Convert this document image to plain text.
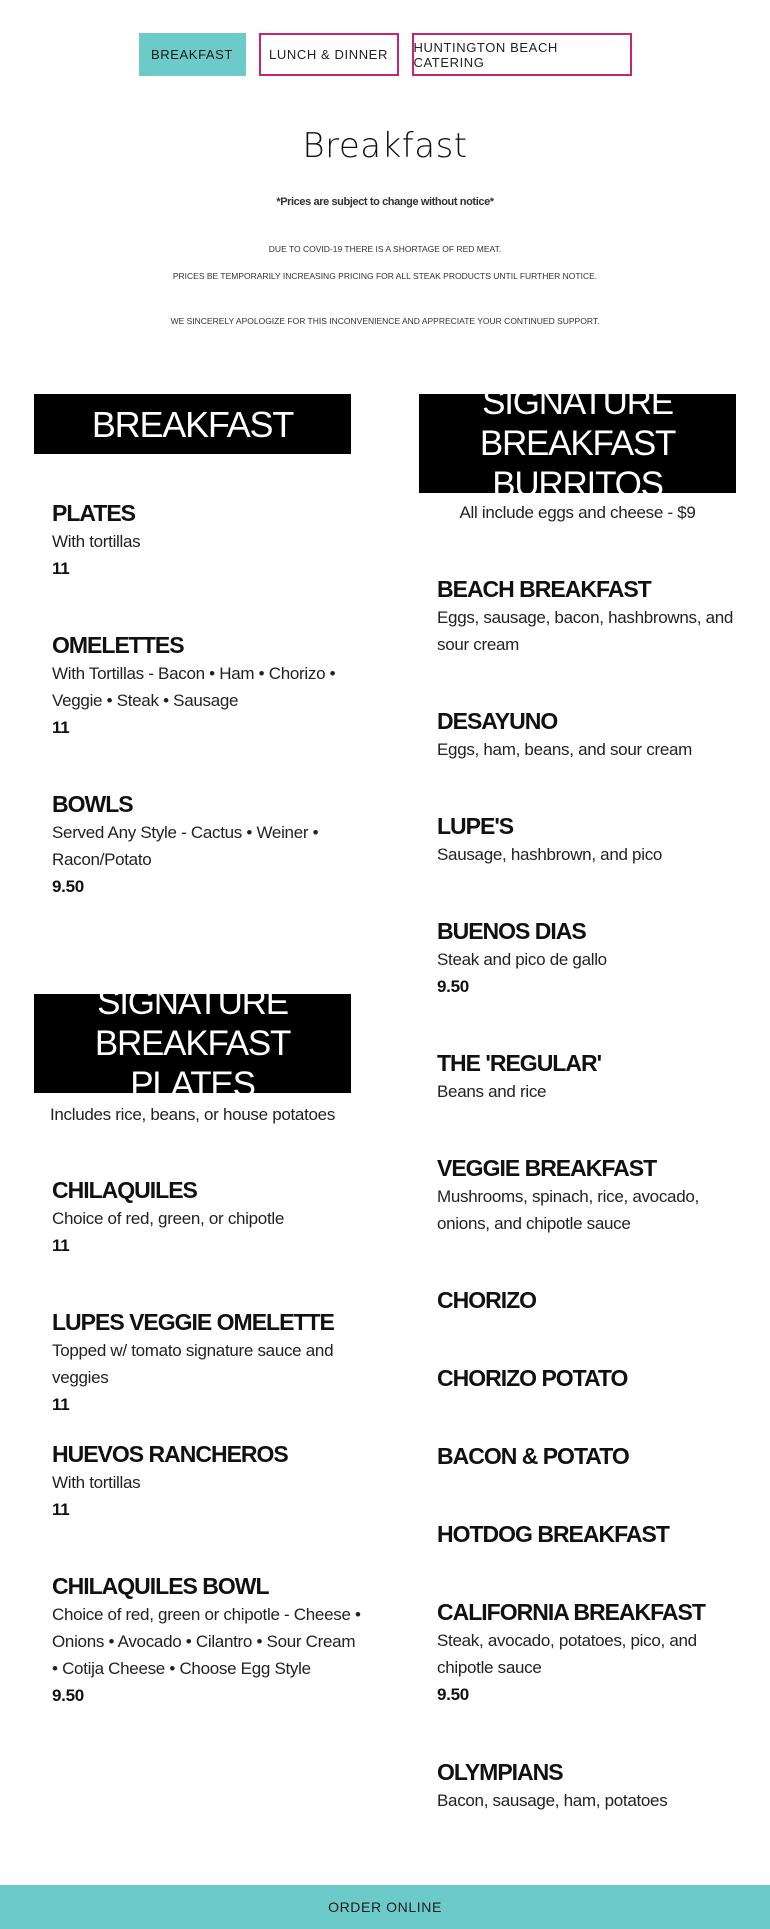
BREAKFAST	LUNCH & DINNER	HUNTINGTON BEACH CATERING
Breakfast
*Prices are subject to change without notice*
DUE TO COVID-19 THERE IS A SHORTAGE OF RED MEAT.
PRICES BE TEMPORARILY INCREASING PRICING FOR ALL STEAK PRODUCTS UNTIL FURTHER NOTICE.
WE SINCERELY APOLOGIZE FOR THIS INCONVENIENCE AND APPRECIATE YOUR CONTINUED SUPPORT.
BREAKFAST
PLATES
With tortillas
11
OMELETTES
With Tortillas - Bacon • Ham • Chorizo • Veggie • Steak • Sausage
11
BOWLS
Served Any Style - Cactus • Weiner • Racon/Potato
9.50
SIGNATURE BREAKFAST PLATES
Includes rice, beans, or house potatoes
CHILAQUILES
Choice of red, green, or chipotle
11
LUPES VEGGIE OMELETTE
Topped w/ tomato signature sauce and veggies
11
HUEVOS RANCHEROS
With tortillas
11
CHILAQUILES BOWL
Choice of red, green or chipotle - Cheese • Onions • Avocado • Cilantro • Sour Cream • Cotija Cheese • Choose Egg Style
9.50
SIGNATURE BREAKFAST BURRITOS
All include eggs and cheese - $9
BEACH BREAKFAST
Eggs, sausage, bacon, hashbrowns, and sour cream
DESAYUNO
Eggs, ham, beans, and sour cream
LUPE'S
Sausage, hashbrown, and pico
BUENOS DIAS
Steak and pico de gallo
9.50
THE 'REGULAR'
Beans and rice
VEGGIE BREAKFAST
Mushrooms, spinach, rice, avocado, onions, and chipotle sauce
CHORIZO
CHORIZO POTATO
BACON & POTATO
HOTDOG BREAKFAST
CALIFORNIA BREAKFAST
Steak, avocado, potatoes, pico, and chipotle sauce
9.50
OLYMPIANS
Bacon, sausage, ham, potatoes
ORDER ONLINE
